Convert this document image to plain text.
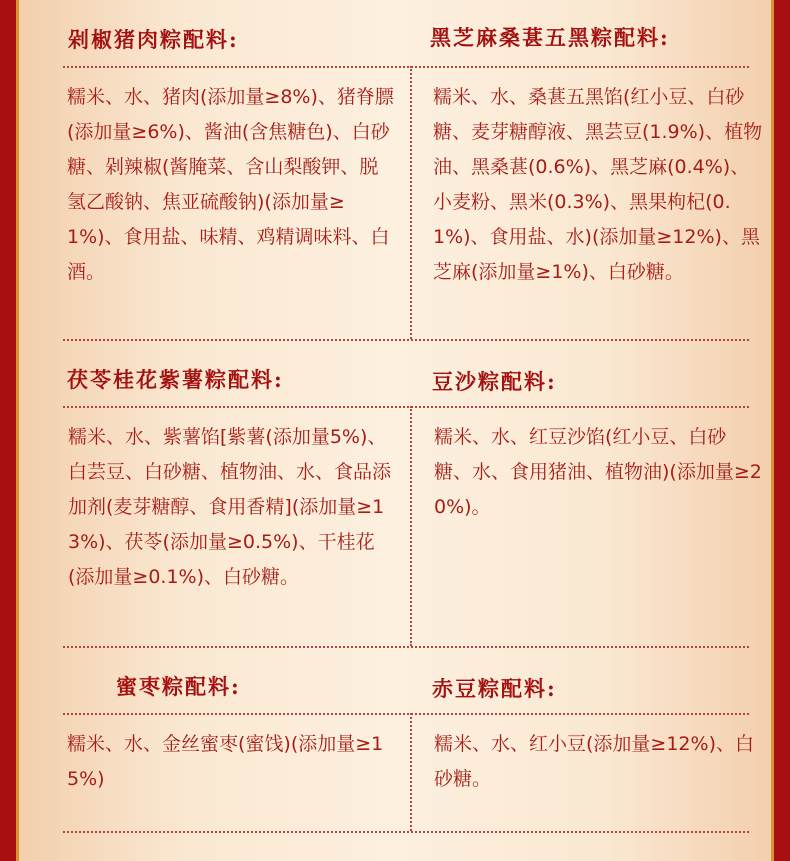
剁椒猪肉粽配料:

糯米、水、猪肉(添加量≥8%)、猪脊膘(添加量≥6%)、酱油(含焦糖色)、白砂糖、剁辣椒(酱腌菜、含山梨酸钾、脱氢乙酸钠、焦亚硫酸钠)(添加量≥1%)、食用盐、味精、鸡精调味料、白酒。

黑芝麻桑葚五黑粽配料:

糯米、水、桑葚五黑馅(红小豆、白砂糖、麦芽糖醇液、黑芸豆(1.9%)、植物油、黑桑葚(0.6%)、黑芝麻(0.4%)、小麦粉、黑米(0.3%)、黑果枸杞(0.1%)、食用盐、水)(添加量≥12%)、黑芝麻(添加量≥1%)、白砂糖。

茯苓桂花紫薯粽配料:

糯米、水、紫薯馅[紫薯(添加量5%)、白芸豆、白砂糖、植物油、水、食品添加剂(麦芽糖醇、食用香精](添加量≥13%)、茯苓(添加量≥0.5%)、干桂花(添加量≥0.1%)、白砂糖。

豆沙粽配料:

糯米、水、红豆沙馅(红小豆、白砂糖、水、食用猪油、植物油)(添加量≥20%)。

蜜枣粽配料:

糯米、水、金丝蜜枣(蜜饯)(添加量≥15%)

赤豆粽配料:

糯米、水、红小豆(添加量≥12%)、白砂糖。
